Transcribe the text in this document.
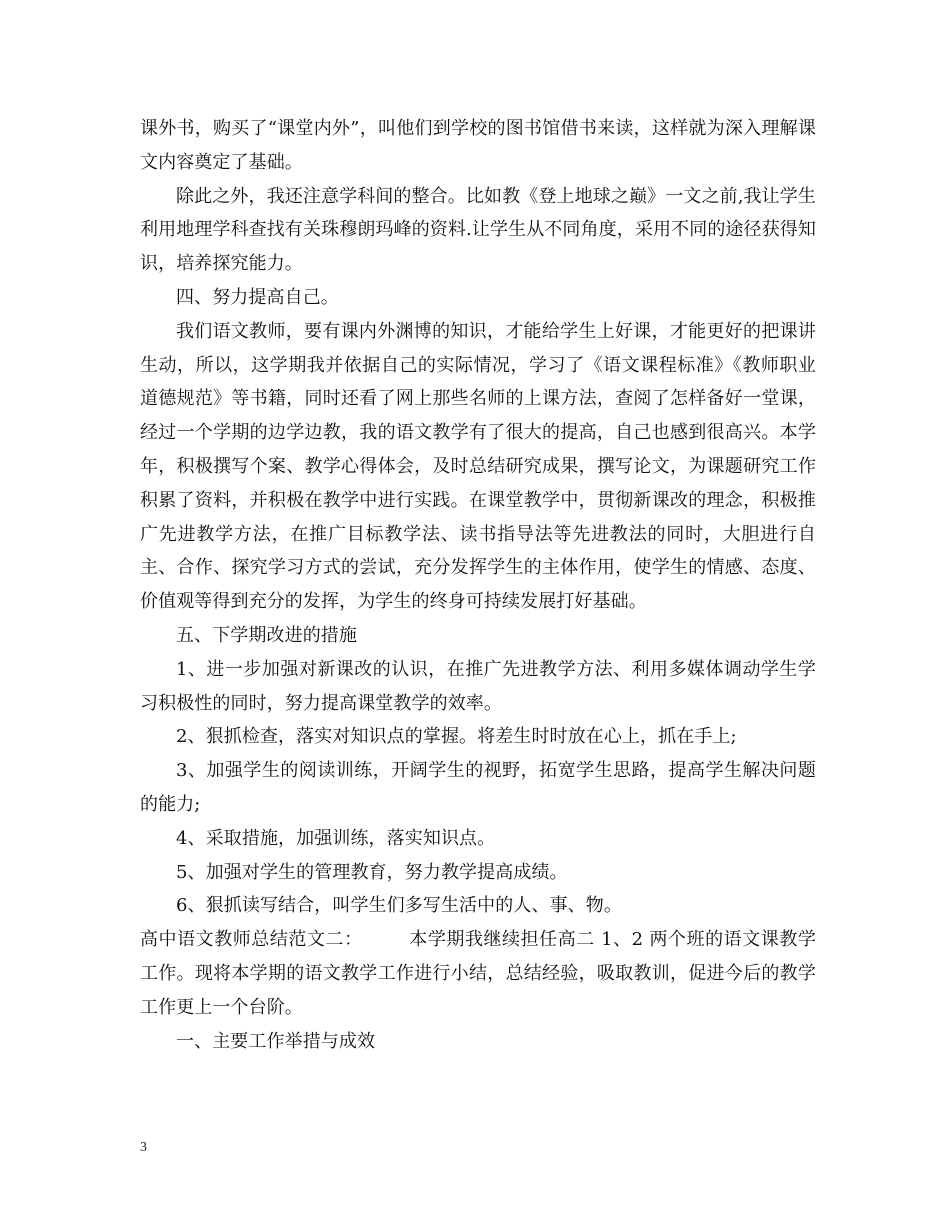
课外书，购买了“课堂内外”，叫他们到学校的图书馆借书来读，这样就为深入理解课文内容奠定了基础。

除此之外，我还注意学科间的整合。比如教《登上地球之巅》一文之前,我让学生利用地理学科查找有关珠穆朗玛峰的资料.让学生从不同角度，采用不同的途径获得知识，培养探究能力。

四、努力提高自己。

我们语文教师，要有课内外渊博的知识，才能给学生上好课，才能更好的把课讲生动，所以，这学期我并依据自己的实际情况，学习了《语文课程标准》《教师职业道德规范》等书籍，同时还看了网上那些名师的上课方法，查阅了怎样备好一堂课，经过一个学期的边学边教，我的语文教学有了很大的提高，自己也感到很高兴。本学年，积极撰写个案、教学心得体会，及时总结研究成果，撰写论文，为课题研究工作积累了资料，并积极在教学中进行实践。在课堂教学中，贯彻新课改的理念，积极推广先进教学方法，在推广目标教学法、读书指导法等先进教法的同时，大胆进行自主、合作、探究学习方式的尝试，充分发挥学生的主体作用，使学生的情感、态度、价值观等得到充分的发挥，为学生的终身可持续发展打好基础。

五、下学期改进的措施

1、进一步加强对新课改的认识，在推广先进教学方法、利用多媒体调动学生学习积极性的同时，努力提高课堂教学的效率。

2、狠抓检查，落实对知识点的掌握。将差生时时放在心上，抓在手上;

3、加强学生的阅读训练，开阔学生的视野，拓宽学生思路，提高学生解决问题的能力;

4、采取措施，加强训练，落实知识点。

5、加强对学生的管理教育，努力教学提高成绩。

6、狠抓读写结合，叫学生们多写生活中的人、事、物。

高中语文教师总结范文二：　　　本学期我继续担任高二 1、2 两个班的语文课教学工作。现将本学期的语文教学工作进行小结，总结经验，吸取教训，促进今后的教学工作更上一个台阶。

一、主要工作举措与成效

3
